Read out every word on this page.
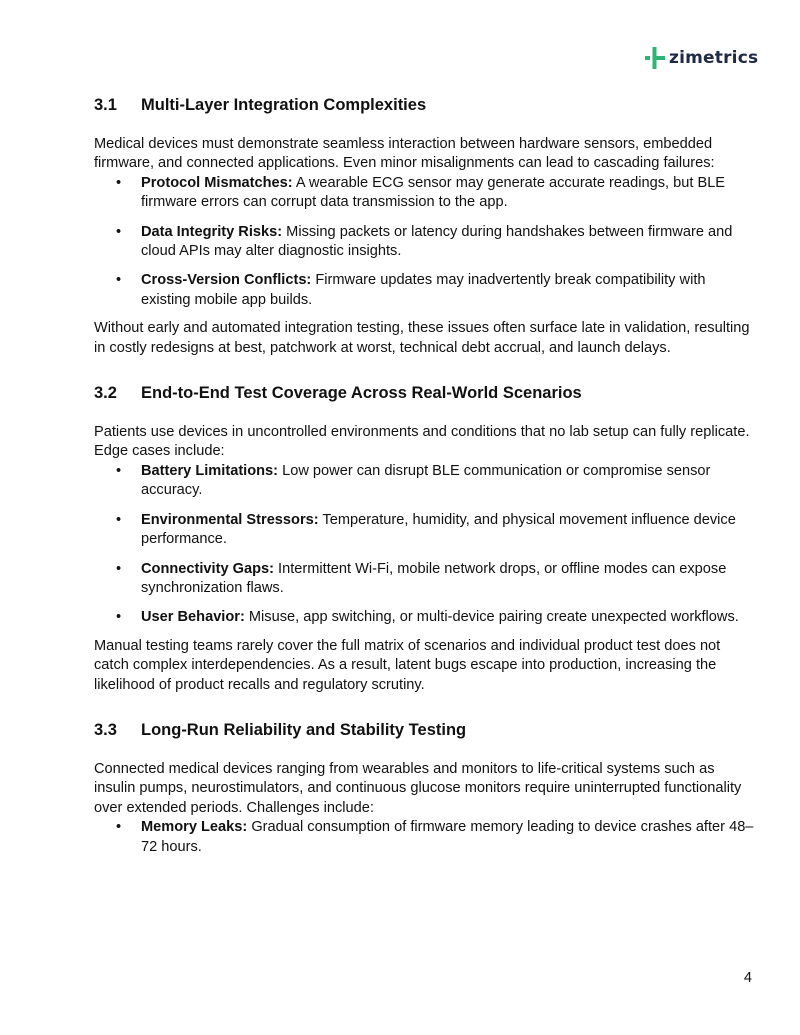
zimetrics
3.1	Multi-Layer Integration Complexities

Medical devices must demonstrate seamless interaction between hardware sensors, embedded firmware, and connected applications. Even minor misalignments can lead to cascading failures:

• Protocol Mismatches: A wearable ECG sensor may generate accurate readings, but BLE firmware errors can corrupt data transmission to the app.
• Data Integrity Risks: Missing packets or latency during handshakes between firmware and cloud APIs may alter diagnostic insights.
• Cross-Version Conflicts: Firmware updates may inadvertently break compatibility with existing mobile app builds.

Without early and automated integration testing, these issues often surface late in validation, resulting in costly redesigns at best, patchwork at worst, technical debt accrual, and launch delays.

3.2	End-to-End Test Coverage Across Real-World Scenarios

Patients use devices in uncontrolled environments and conditions that no lab setup can fully replicate. Edge cases include:

• Battery Limitations: Low power can disrupt BLE communication or compromise sensor accuracy.
• Environmental Stressors: Temperature, humidity, and physical movement influence device performance.
• Connectivity Gaps: Intermittent Wi-Fi, mobile network drops, or offline modes can expose synchronization flaws.
• User Behavior: Misuse, app switching, or multi-device pairing create unexpected workflows.

Manual testing teams rarely cover the full matrix of scenarios and individual product test does not catch complex interdependencies. As a result, latent bugs escape into production, increasing the likelihood of product recalls and regulatory scrutiny.

3.3	Long-Run Reliability and Stability Testing

Connected medical devices ranging from wearables and monitors to life-critical systems such as insulin pumps, neurostimulators, and continuous glucose monitors require uninterrupted functionality over extended periods. Challenges include:

• Memory Leaks: Gradual consumption of firmware memory leading to device crashes after 48–72 hours.
4
